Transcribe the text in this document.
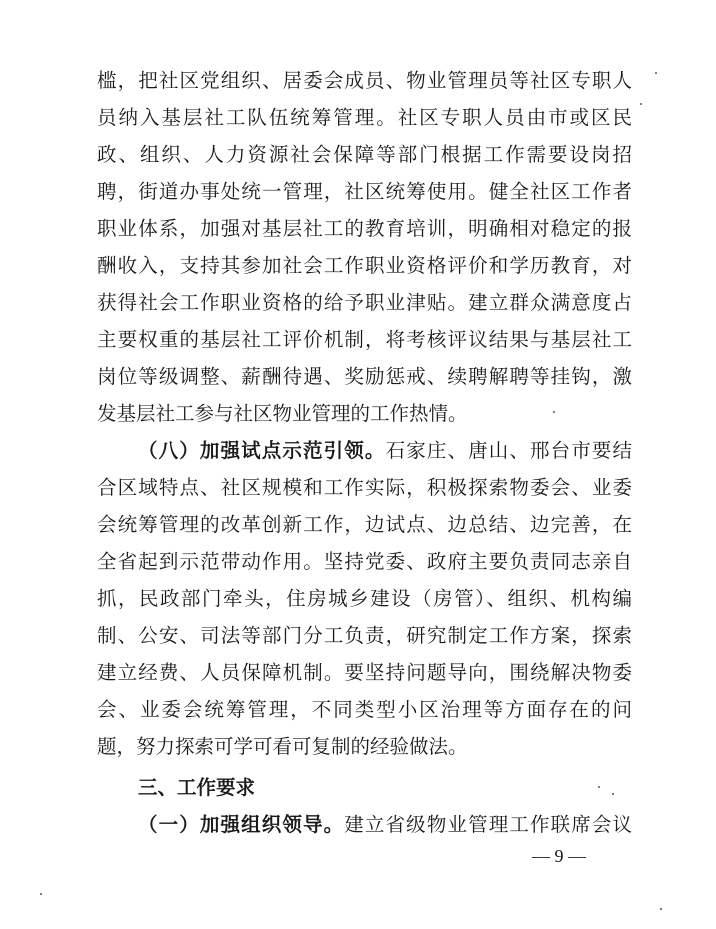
槛，把社区党组织、居委会成员、物业管理员等社区专职人
员纳入基层社工队伍统筹管理。社区专职人员由市或区民
政、组织、人力资源社会保障等部门根据工作需要设岗招
聘，街道办事处统一管理，社区统筹使用。健全社区工作者
职业体系，加强对基层社工的教育培训，明确相对稳定的报
酬收入，支持其参加社会工作职业资格评价和学历教育，对
获得社会工作职业资格的给予职业津贴。建立群众满意度占
主要权重的基层社工评价机制，将考核评议结果与基层社工
岗位等级调整、薪酬待遇、奖励惩戒、续聘解聘等挂钩，激
发基层社工参与社区物业管理的工作热情。
（八）加强试点示范引领。石家庄、唐山、邢台市要结
合区域特点、社区规模和工作实际，积极探索物委会、业委
会统筹管理的改革创新工作，边试点、边总结、边完善，在
全省起到示范带动作用。坚持党委、政府主要负责同志亲自
抓，民政部门牵头，住房城乡建设（房管）、组织、机构编
制、公安、司法等部门分工负责，研究制定工作方案，探索
建立经费、人员保障机制。要坚持问题导向，围绕解决物委
会、业委会统筹管理，不同类型小区治理等方面存在的问
题，努力探索可学可看可复制的经验做法。
三、工作要求
（一）加强组织领导。建立省级物业管理工作联席会议
— 9 —
